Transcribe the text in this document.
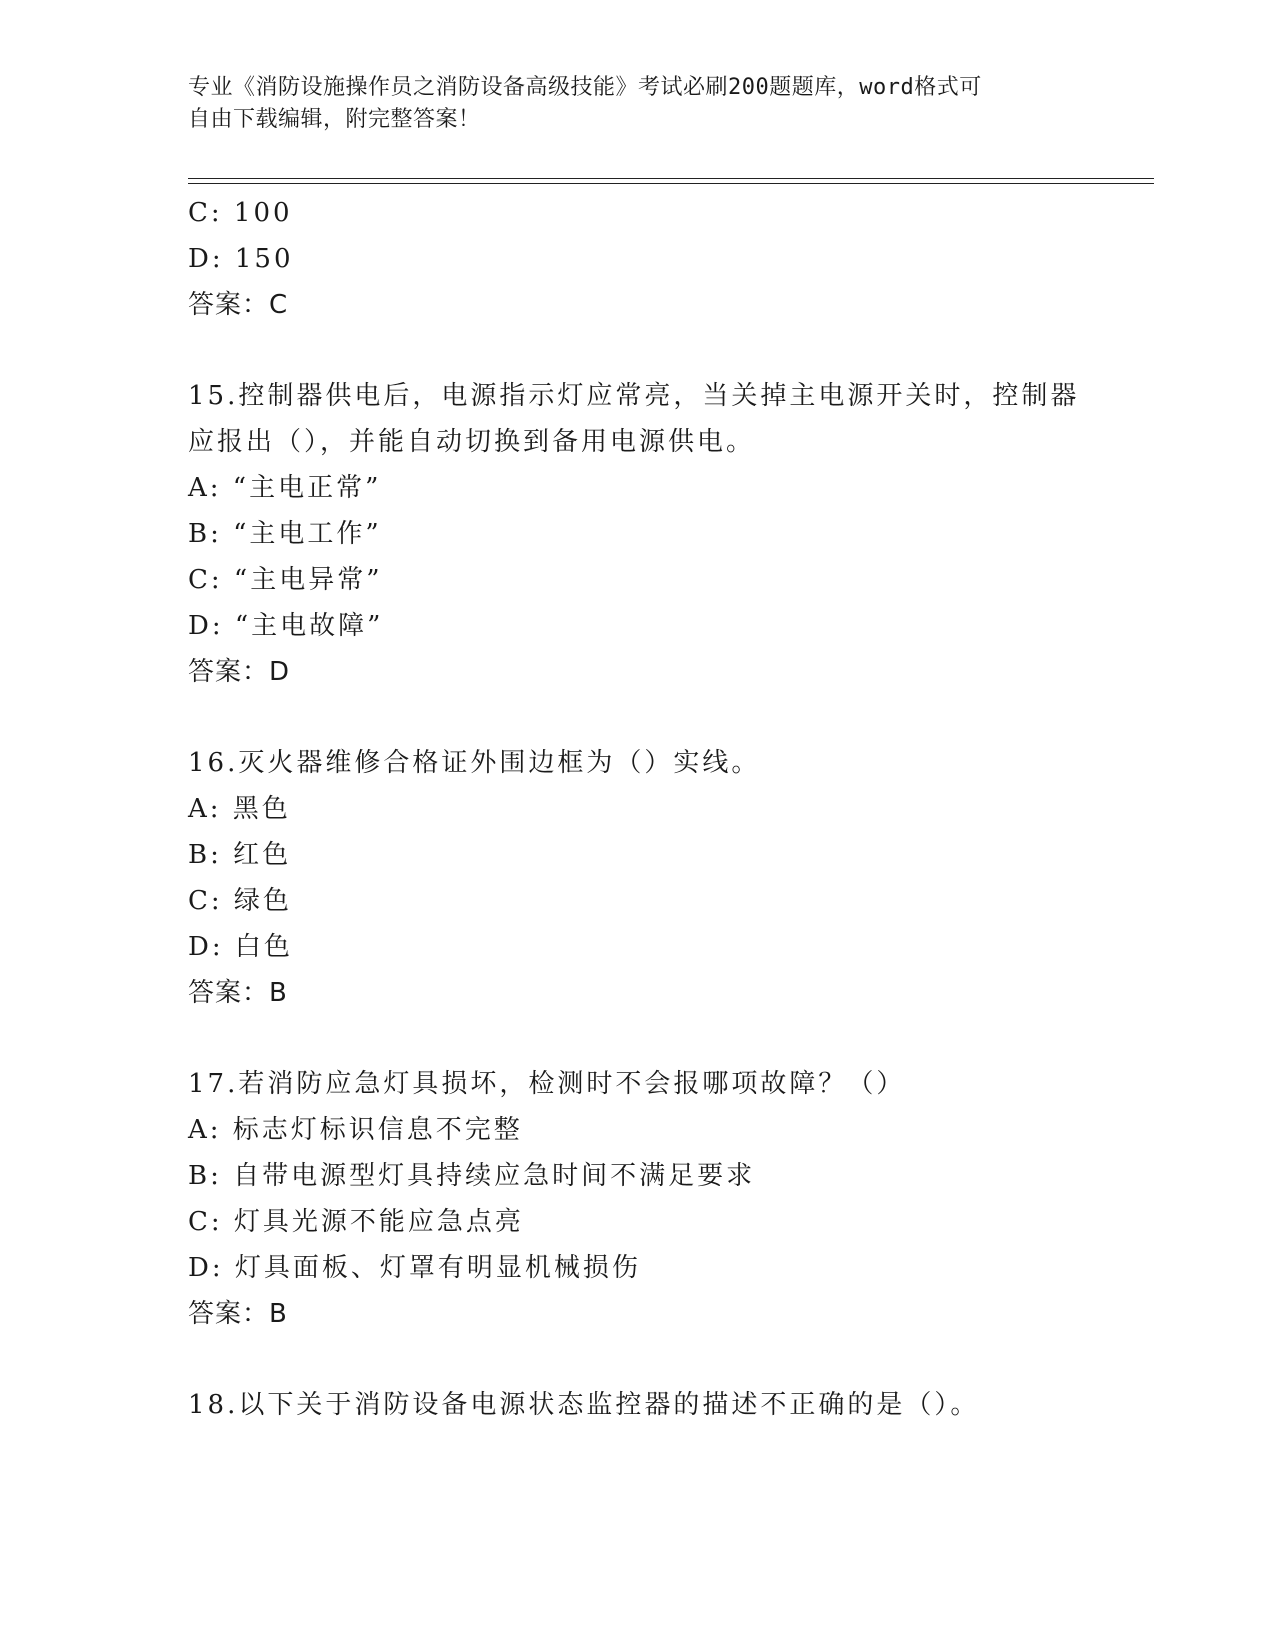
专业《消防设施操作员之消防设备高级技能》考试必刷200题题库，word格式可
自由下载编辑，附完整答案！
C: 100
D: 150
答案：C
15.控制器供电后，电源指示灯应常亮，当关掉主电源开关时，控制器
应报出（），并能自动切换到备用电源供电。
A: “主电正常”
B: “主电工作”
C: “主电异常”
D: “主电故障”
答案：D
16.灭火器维修合格证外围边框为（）实线。
A: 黑色
B: 红色
C: 绿色
D: 白色
答案：B
17.若消防应急灯具损坏，检测时不会报哪项故障？（）
A: 标志灯标识信息不完整
B: 自带电源型灯具持续应急时间不满足要求
C: 灯具光源不能应急点亮
D: 灯具面板、灯罩有明显机械损伤
答案：B
18.以下关于消防设备电源状态监控器的描述不正确的是（）。
